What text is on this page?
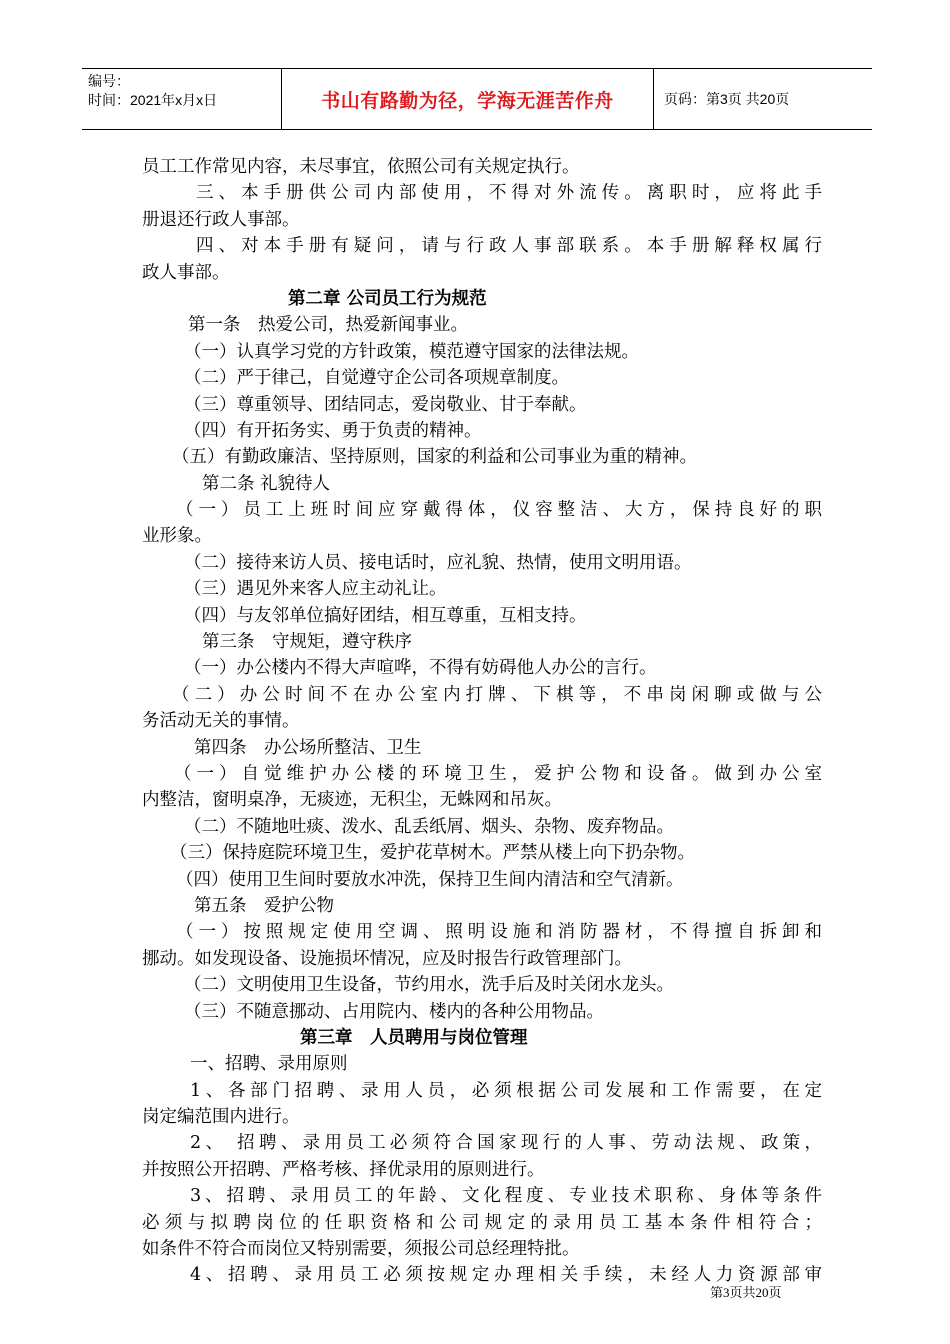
编号：
时间：2021年x月x日	书山有路勤为径，学海无涯苦作舟	页码：第3页 共20页
员工工作常见内容，未尽事宜，依照公司有关规定执行。
三、本手册供公司内部使用，不得对外流传。离职时，应将此手
册退还行政人事部。
四、对本手册有疑问，请与行政人事部联系。本手册解释权属行
政人事部。
第二章 公司员工行为规范
第一条　热爱公司，热爱新闻事业。
（一）认真学习党的方针政策，模范遵守国家的法律法规。
（二）严于律己，自觉遵守企公司各项规章制度。
（三）尊重领导、团结同志，爱岗敬业、甘于奉献。
（四）有开拓务实、勇于负责的精神。
（五）有勤政廉洁、坚持原则，国家的利益和公司事业为重的精神。
第二条 礼貌待人
（一）员工上班时间应穿戴得体，仪容整洁、大方，保持良好的职
业形象。
（二）接待来访人员、接电话时，应礼貌、热情，使用文明用语。
（三）遇见外来客人应主动礼让。
（四）与友邻单位搞好团结，相互尊重，互相支持。
第三条　守规矩，遵守秩序
（一）办公楼内不得大声喧哗，不得有妨碍他人办公的言行。
（二）办公时间不在办公室内打牌、下棋等，不串岗闲聊或做与公
务活动无关的事情。
第四条　办公场所整洁、卫生
（一）自觉维护办公楼的环境卫生，爱护公物和设备。做到办公室
内整洁，窗明桌净，无痰迹，无积尘，无蛛网和吊灰。
（二）不随地吐痰、泼水、乱丢纸屑、烟头、杂物、废弃物品。
（三）保持庭院环境卫生，爱护花草树木。严禁从楼上向下扔杂物。
（四）使用卫生间时要放水冲洗，保持卫生间内清洁和空气清新。
第五条　爱护公物
（一）按照规定使用空调、照明设施和消防器材，不得擅自拆卸和
挪动。如发现设备、设施损坏情况，应及时报告行政管理部门。
（二）文明使用卫生设备，节约用水，洗手后及时关闭水龙头。
（三）不随意挪动、占用院内、楼内的各种公用物品。
第三章　人员聘用与岗位管理
一、招聘、录用原则
1、各部门招聘、录用人员，必须根据公司发展和工作需要，在定
岗定编范围内进行。
2、 招聘、录用员工必须符合国家现行的人事、劳动法规、政策，
并按照公开招聘、严格考核、择优录用的原则进行。
3、招聘、录用员工的年龄、文化程度、专业技术职称、身体等条件
必须与拟聘岗位的任职资格和公司规定的录用员工基本条件相符合；
如条件不符合而岗位又特别需要，须报公司总经理特批。
4、招聘、录用员工必须按规定办理相关手续，未经人力资源部审
第3页共20页
